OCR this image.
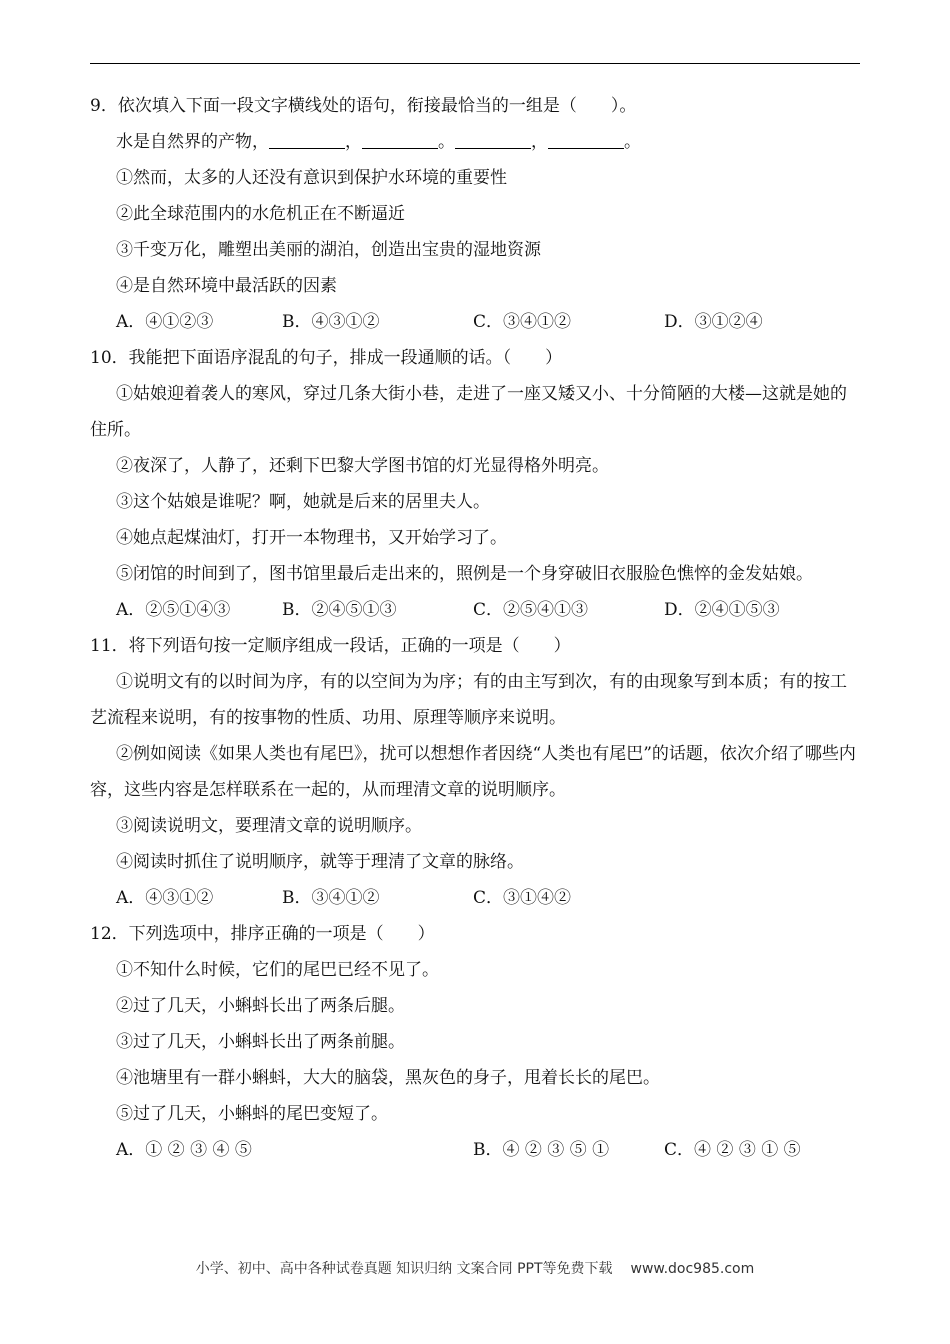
9．依次填入下面一段文字横线处的语句，衔接最恰当的一组是（　　）。
水是自然界的产物，	，	。	，	。
①然而，太多的人还没有意识到保护水环境的重要性
②此全球范围内的水危机正在不断逼近
③千变万化，雕塑出美丽的湖泊，创造出宝贵的湿地资源
④是自然环境中最活跃的因素
A．④①②③	B．④③①②	C．③④①②	D．③①②④
10．我能把下面语序混乱的句子，排成一段通顺的话。（　　）
①姑娘迎着袭人的寒风，穿过几条大街小巷，走进了一座又矮又小、十分简陋的大楼—这就是她的住所。
②夜深了，人静了，还剩下巴黎大学图书馆的灯光显得格外明亮。
③这个姑娘是谁呢？啊，她就是后来的居里夫人。
④她点起煤油灯，打开一本物理书，又开始学习了。
⑤闭馆的时间到了，图书馆里最后走出来的，照例是一个身穿破旧衣服脸色憔悴的金发姑娘。
A．②⑤①④③	B．②④⑤①③	C．②⑤④①③	D．②④①⑤③
11．将下列语句按一定顺序组成一段话，正确的一项是（　　）
①说明文有的以时间为序，有的以空间为为序；有的由主写到次，有的由现象写到本质；有的按工艺流程来说明，有的按事物的性质、功用、原理等顺序来说明。
②例如阅读《如果人类也有尾巴》，扰可以想想作者因绕“人类也有尾巴”的话题，依次介绍了哪些内容，这些内容是怎样联系在一起的，从而理清文章的说明顺序。
③阅读说明文，要理清文章的说明顺序。
④阅读时抓住了说明顺序，就等于理清了文章的脉络。
A．④③①②	B．③④①②	C．③①④②
12．下列选项中，排序正确的一项是（　　）
①不知什么时候，它们的尾巴已经不见了。
②过了几天，小蝌蚪长出了两条后腿。
③过了几天，小蝌蚪长出了两条前腿。
④池塘里有一群小蝌蚪，大大的脑袋，黑灰色的身子，甩着长长的尾巴。
⑤过了几天，小蝌蚪的尾巴变短了。
A．① ② ③ ④ ⑤	B．④ ② ③ ⑤ ①	C．④ ② ③ ① ⑤
小学、初中、高中各种试卷真题 知识归纳 文案合同 PPT等免费下载 www.doc985.com
